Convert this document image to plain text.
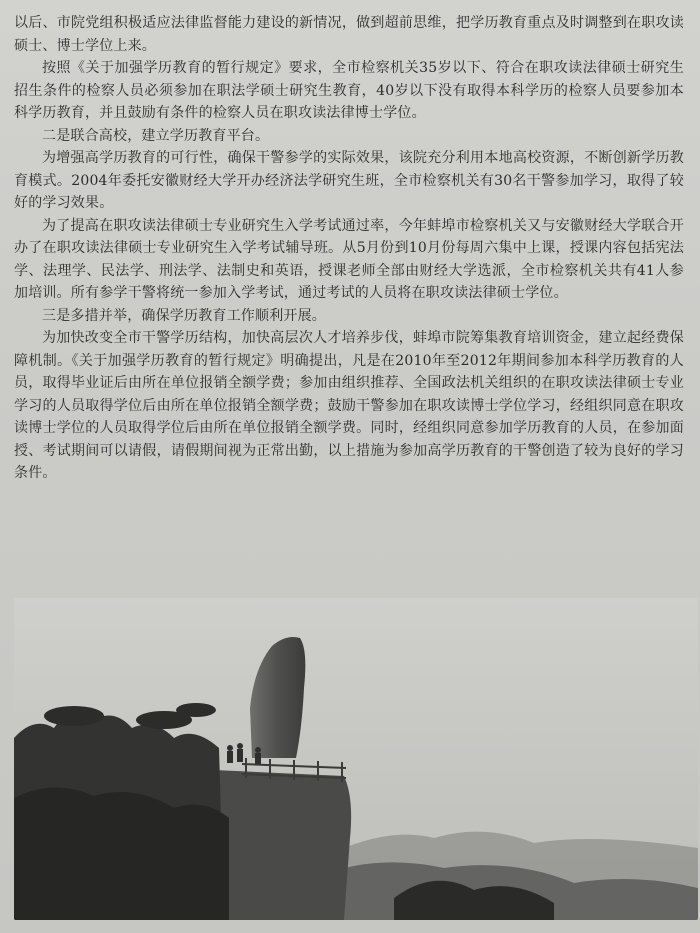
以后、市院党组积极适应法律监督能力建设的新情况，做到超前思维，把学历教育重点及时调整到在职攻读硕士、博士学位上来。

按照《关于加强学历教育的暂行规定》要求，全市检察机关35岁以下、符合在职攻读法律硕士研究生招生条件的检察人员必须参加在职法学硕士研究生教育，40岁以下没有取得本科学历的检察人员要参加本科学历教育，并且鼓励有条件的检察人员在职攻读法律博士学位。

二是联合高校，建立学历教育平台。

为增强高学历教育的可行性，确保干警参学的实际效果，该院充分利用本地高校资源，不断创新学历教育模式。2004年委托安徽财经大学开办经济法学研究生班，全市检察机关有30名干警参加学习，取得了较好的学习效果。

为了提高在职攻读法律硕士专业研究生入学考试通过率，今年蚌埠市检察机关又与安徽财经大学联合开办了在职攻读法律硕士专业研究生入学考试辅导班。从5月份到10月份每周六集中上课，授课内容包括宪法学、法理学、民法学、刑法学、法制史和英语，授课老师全部由财经大学选派，全市检察机关共有41人参加培训。所有参学干警将统一参加入学考试，通过考试的人员将在职攻读法律硕士学位。

三是多措并举，确保学历教育工作顺利开展。

为加快改变全市干警学历结构，加快高层次人才培养步伐，蚌埠市院筹集教育培训资金，建立起经费保障机制。《关于加强学历教育的暂行规定》明确提出，凡是在2010年至2012年期间参加本科学历教育的人员，取得毕业证后由所在单位报销全额学费；参加由组织推荐、全国政法机关组织的在职攻读法律硕士专业学习的人员取得学位后由所在单位报销全额学费；鼓励干警参加在职攻读博士学位学习，经组织同意在职攻读博士学位的人员取得学位后由所在单位报销全额学费。同时，经组织同意参加学历教育的人员，在参加面授、考试期间可以请假，请假期间视为正常出勤，以上措施为参加高学历教育的干警创造了较为良好的学习条件。
